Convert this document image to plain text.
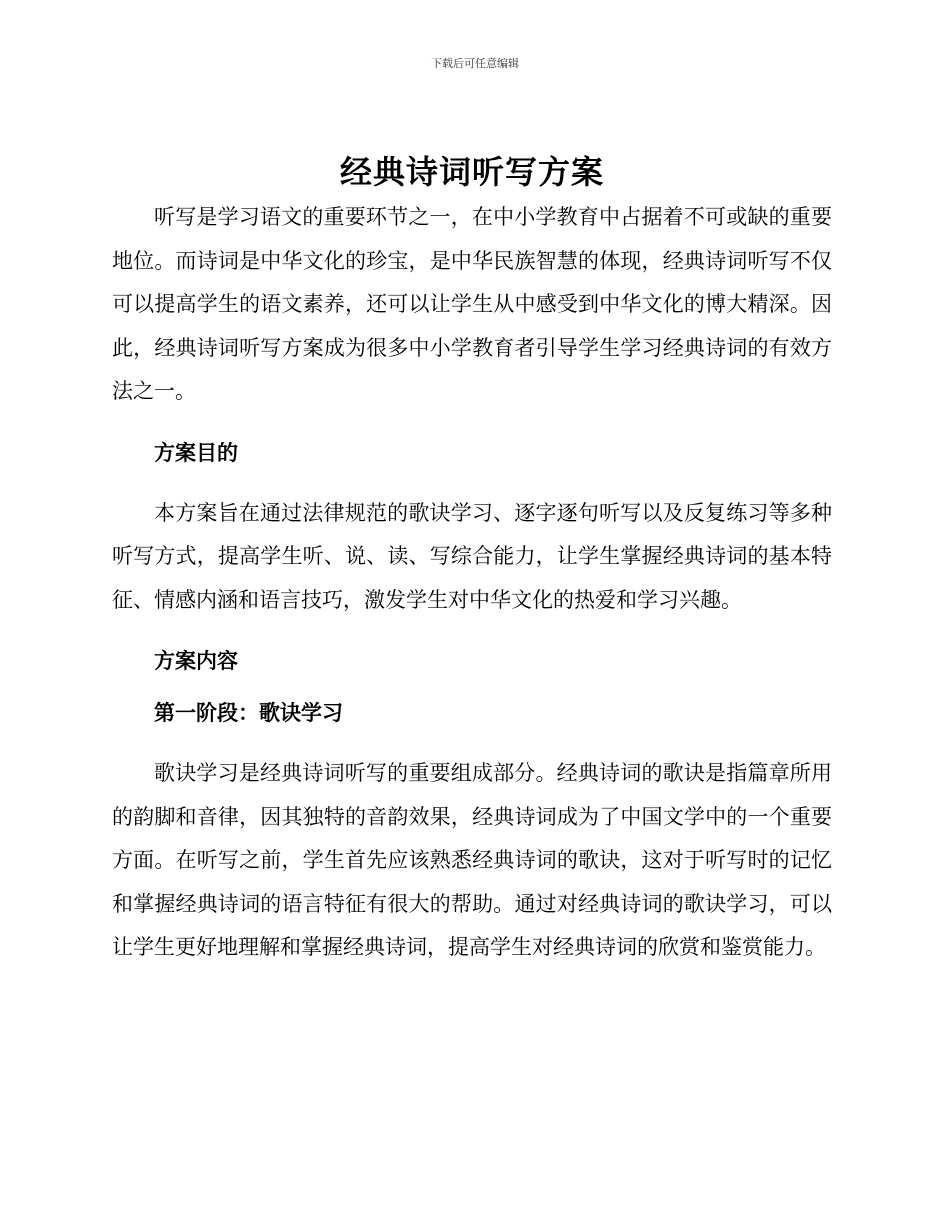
下载后可任意编辑
经典诗词听写方案

听写是学习语文的重要环节之一，在中小学教育中占据着不可或缺的重要地位。而诗词是中华文化的珍宝，是中华民族智慧的体现，经典诗词听写不仅可以提高学生的语文素养，还可以让学生从中感受到中华文化的博大精深。因此，经典诗词听写方案成为很多中小学教育者引导学生学习经典诗词的有效方法之一。

方案目的

本方案旨在通过法律规范的歌诀学习、逐字逐句听写以及反复练习等多种听写方式，提高学生听、说、读、写综合能力，让学生掌握经典诗词的基本特征、情感内涵和语言技巧，激发学生对中华文化的热爱和学习兴趣。

方案内容
第一阶段：歌诀学习

歌诀学习是经典诗词听写的重要组成部分。经典诗词的歌诀是指篇章所用的韵脚和音律，因其独特的音韵效果，经典诗词成为了中国文学中的一个重要方面。在听写之前，学生首先应该熟悉经典诗词的歌诀，这对于听写时的记忆和掌握经典诗词的语言特征有很大的帮助。通过对经典诗词的歌诀学习，可以让学生更好地理解和掌握经典诗词，提高学生对经典诗词的欣赏和鉴赏能力。
